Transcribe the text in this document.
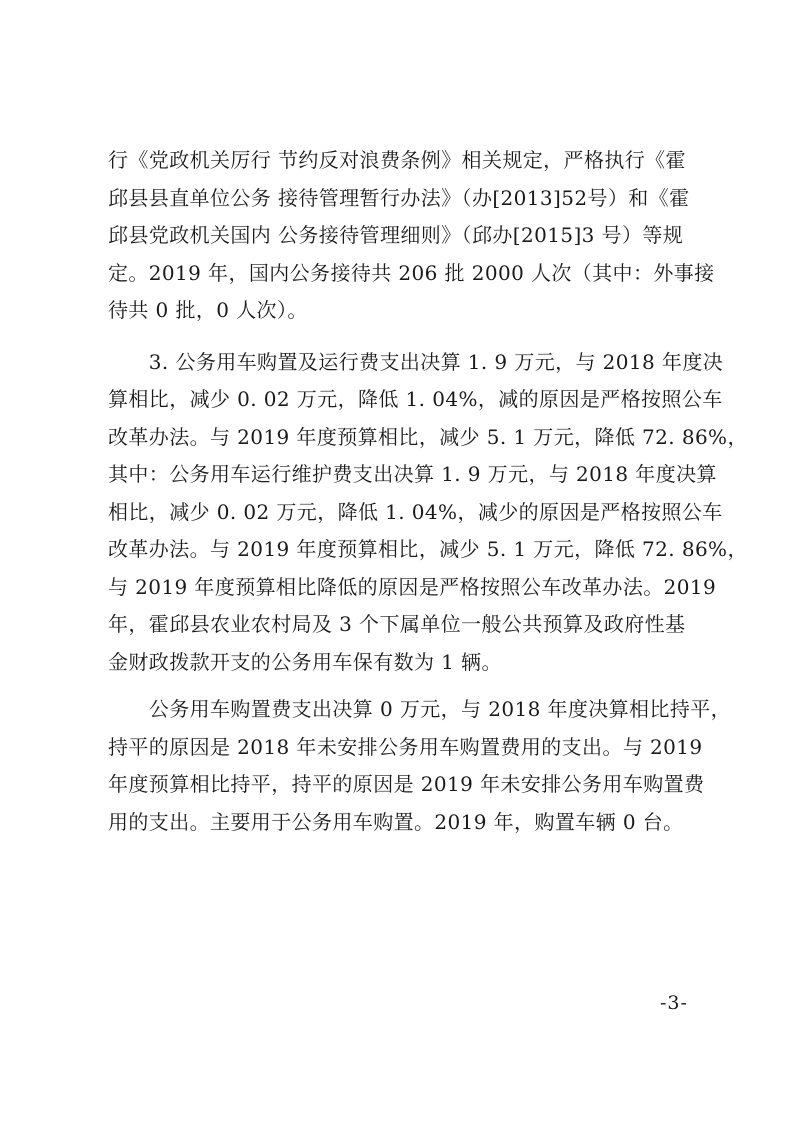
行《党政机关厉行 节约反对浪费条例》相关规定，严格执行《霍
邱县县直单位公务 接待管理暂行办法》（办[2013]52号）和《霍
邱县党政机关国内 公务接待管理细则》（邱办[2015]3 号）等规
定。2019 年，国内公务接待共 206 批 2000 人次（其中：外事接
待共 0 批，0 人次）。

　　3. 公务用车购置及运行费支出决算 1. 9 万元，与 2018 年度决
算相比，减少 0. 02 万元，降低 1. 04%，减的原因是严格按照公车
改革办法。与 2019 年度预算相比，减少 5. 1 万元，降低 72. 86%，
其中：公务用车运行维护费支出决算 1. 9 万元，与 2018 年度决算
相比，减少 0. 02 万元，降低 1. 04%，减少的原因是严格按照公车
改革办法。与 2019 年度预算相比，减少 5. 1 万元，降低 72. 86%，
与 2019 年度预算相比降低的原因是严格按照公车改革办法。2019
年，霍邱县农业农村局及 3 个下属单位一般公共预算及政府性基
金财政拨款开支的公务用车保有数为 1 辆。

　　公务用车购置费支出决算 0 万元，与 2018 年度决算相比持平，
持平的原因是 2018 年未安排公务用车购置费用的支出。与 2019
年度预算相比持平，持平的原因是 2019 年未安排公务用车购置费
用的支出。主要用于公务用车购置。2019 年，购置车辆 0 台。

-3-
